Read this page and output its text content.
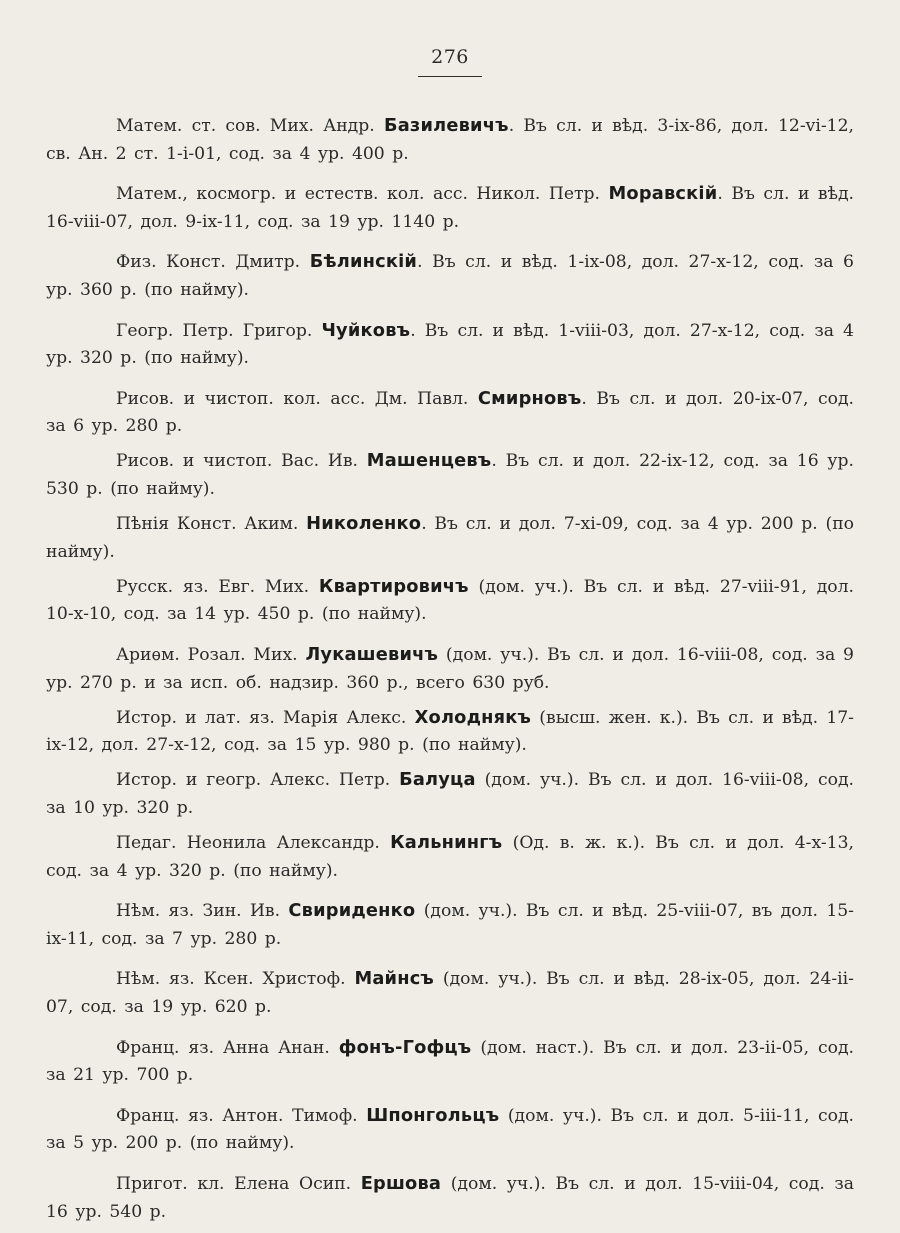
276

Матем. ст. сов. Мих. Андр. Базилевичъ. Въ сл. и вѣд. 3-ix-86, дол. 12-vi-12, св. Ан. 2 ст. 1-i-01, сод. за 4 ур. 400 р.

Матем., космогр. и естеств. кол. асс. Никол. Петр. Моравскій. Въ сл. и вѣд. 16-viii-07, дол. 9-ix-11, сод. за 19 ур. 1140 р.

Физ. Конст. Дмитр. Бѣлинскій. Въ сл. и вѣд. 1-ix-08, дол. 27-x-12, сод. за 6 ур. 360 р. (по найму).

Геогр. Петр. Григор. Чуйковъ. Въ сл. и вѣд. 1-viii-03, дол. 27-x-12, сод. за 4 ур. 320 р. (по найму).

Рисов. и чистоп. кол. асс. Дм. Павл. Смирновъ. Въ сл. и дол. 20-ix-07, сод. за 6 ур. 280 р.

Рисов. и чистоп. Вас. Ив. Машенцевъ. Въ сл. и дол. 22-ix-12, сод. за 16 ур. 530 р. (по найму).

Пѣнія Конст. Аким. Николенко. Въ сл. и дол. 7-xi-09, сод. за 4 ур. 200 р. (по найму).

Русск. яз. Евг. Мих. Квартировичъ (дом. уч.). Въ сл. и вѣд. 27-viii-91, дол. 10-x-10, сод. за 14 ур. 450 р. (по найму).

Ариѳм. Розал. Мих. Лукашевичъ (дом. уч.). Въ сл. и дол. 16-viii-08, сод. за 9 ур. 270 р. и за исп. об. надзир. 360 р., всего 630 руб.

Истор. и лат. яз. Марія Алекс. Холоднякъ (высш. жен. к.). Въ сл. и вѣд. 17-ix-12, дол. 27-x-12, сод. за 15 ур. 980 р. (по найму).

Истор. и геогр. Алекс. Петр. Балуца (дом. уч.). Въ сл. и дол. 16-viii-08, сод. за 10 ур. 320 р.

Педаг. Неонила Александр. Кальнингъ (Од. в. ж. к.). Въ сл. и дол. 4-x-13, сод. за 4 ур. 320 р. (по найму).

Нѣм. яз. Зин. Ив. Свириденко (дом. уч.). Въ сл. и вѣд. 25-viii-07, въ дол. 15-ix-11, сод. за 7 ур. 280 р.

Нѣм. яз. Ксен. Христоф. Майнсъ (дом. уч.). Въ сл. и вѣд. 28-ix-05, дол. 24-ii-07, сод. за 19 ур. 620 р.

Франц. яз. Анна Анан. фонъ-Гофцъ (дом. наст.). Въ сл. и дол. 23-ii-05, сод. за 21 ур. 700 р.

Франц. яз. Антон. Тимоф. Шпонгольцъ (дом. уч.). Въ сл. и дол. 5-iii-11, сод. за 5 ур. 200 р. (по найму).

Пригот. кл. Елена Осип. Ершова (дом. уч.). Въ сл. и дол. 15-viii-04, сод. за 16 ур. 540 р.
